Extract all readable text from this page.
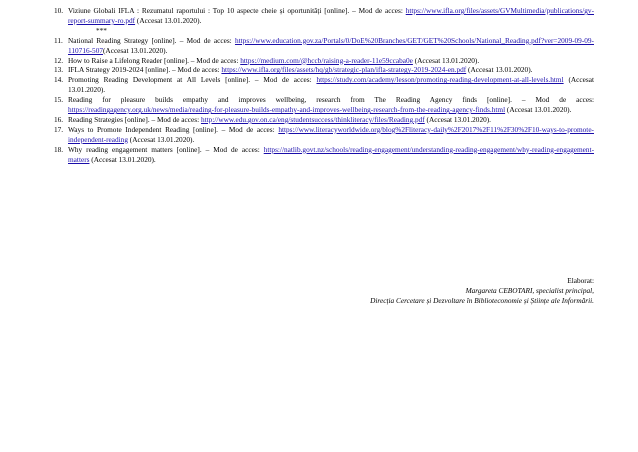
10. Viziune Globali IFLA : Rezumatul raportului : Top 10 aspecte cheie și oportunități [online]. – Mod de acces: https://www.ifla.org/files/assets/GVMultimedia/publications/gv-report-summary-ro.pdf (Accesat 13.01.2020).
***
11. National Reading Strategy [online]. – Mod de acces: https://www.education.gov.za/Portals/0/DoE%20Branches/GET/GET%20Schools/National_Reading.pdf?ver=2009-09-09-110716-507(Accesat 13.01.2020).
12. How to Raise a Lifelong Reader [online]. – Mod de acces: https://medium.com/@hccb/raising-a-reader-11e59ccaba0e (Accesat 13.01.2020).
13. IFLA Strategy 2019-2024 [online]. – Mod de acces: https://www.ifla.org/files/assets/hq/gb/strategic-plan/ifla-strategy-2019-2024-en.pdf (Accesat 13.01.2020).
14. Promoting Reading Development at All Levels [online]. – Mod de acces: https://study.com/academy/lesson/promoting-reading-development-at-all-levels.html (Accesat 13.01.2020).
15. Reading for pleasure builds empathy and improves wellbeing, research from The Reading Agency finds [online]. – Mod de acces: https://readingagency.org.uk/news/media/reading-for-pleasure-builds-empathy-and-improves-wellbeing-research-from-the-reading-agency-finds.html (Accesat 13.01.2020).
16. Reading Strategies [online]. – Mod de acces: http://www.edu.gov.on.ca/eng/studentsuccess/thinkliteracy/files/Reading.pdf (Accesat 13.01.2020).
17. Ways to Promote Independent Reading [online]. – Mod de acces: https://www.literacyworldwide.org/blog%2Fliteracy-daily%2F2017%2F11%2F30%2F10-ways-to-promote-independent-reading (Accesat 13.01.2020).
18. Why reading engagement matters [online]. – Mod de acces: https://natlib.govt.nz/schools/reading-engagement/understanding-reading-engagement/why-reading-engagement-matters (Accesat 13.01.2020).
Elaborat:
Margareta CEBOTARI, specialist principal,
Direcția Cercetare și Dezvoltare în Biblioteconomie și Științe ale Informării.
